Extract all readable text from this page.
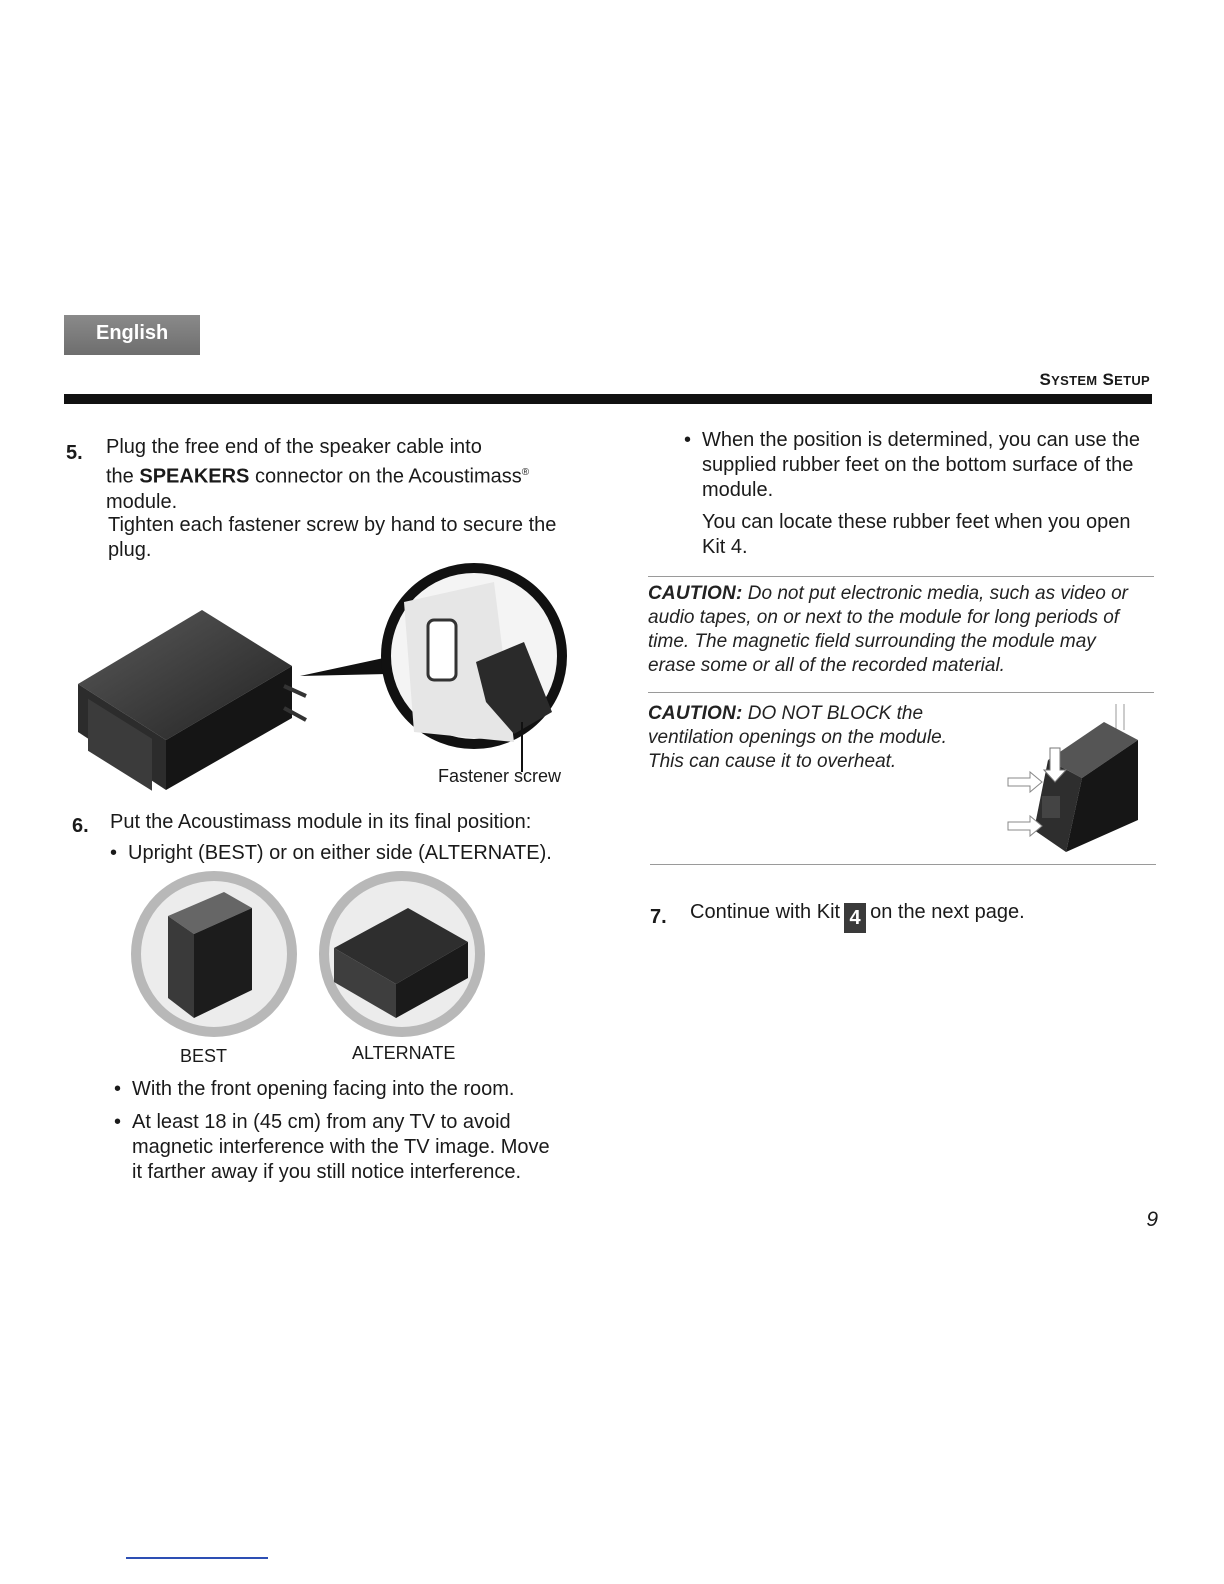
English
SYSTEM SETUP
5. Plug the free end of the speaker cable into
the SPEAKERS connector on the Acoustimass®
module.
Tighten each fastener screw by hand to secure the
plug.
Fastener screw
6. Put the Acoustimass module in its final position:
• Upright (BEST) or on either side (ALTERNATE).
BEST	ALTERNATE
• With the front opening facing into the room.
• At least 18 in (45 cm) from any TV to avoid
magnetic interference with the TV image. Move
it farther away if you still notice interference.
• When the position is determined, you can use the
supplied rubber feet on the bottom surface of the
module.
You can locate these rubber feet when you open
Kit 4.
CAUTION: Do not put electronic media, such as video or
audio tapes, on or next to the module for long periods of
time. The magnetic field surrounding the module may
erase some or all of the recorded material.
CAUTION: DO NOT BLOCK the
ventilation openings on the module.
This can cause it to overheat.
7. Continue with Kit 4 on the next page.
9
